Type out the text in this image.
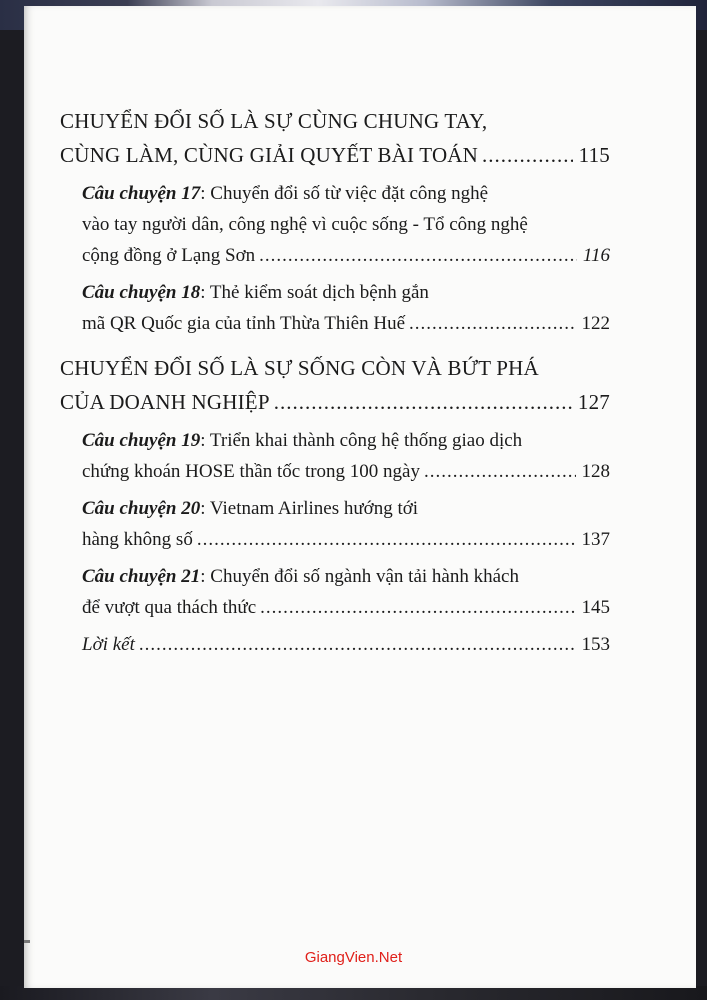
CHUYỂN ĐỔI SỐ LÀ SỰ CÙNG CHUNG TAY,
CÙNG LÀM, CÙNG GIẢI QUYẾT BÀI TOÁN .....	115
Câu chuyện 17: Chuyển đổi số từ việc đặt công nghệ
vào tay người dân, công nghệ vì cuộc sống - Tổ công nghệ
cộng đồng ở Lạng Sơn .....	116
Câu chuyện 18: Thẻ kiểm soát dịch bệnh gắn
mã QR Quốc gia của tỉnh Thừa Thiên Huế .....	122
CHUYỂN ĐỔI SỐ LÀ SỰ SỐNG CÒN VÀ BỨT PHÁ
CỦA DOANH NGHIỆP .....	127
Câu chuyện 19: Triển khai thành công hệ thống giao dịch
chứng khoán HOSE thần tốc trong 100 ngày .....	128
Câu chuyện 20: Vietnam Airlines hướng tới
hàng không số .....	137
Câu chuyện 21: Chuyển đổi số ngành vận tải hành khách
để vượt qua thách thức .....	145
Lời kết .....	153
GiangVien.Net
